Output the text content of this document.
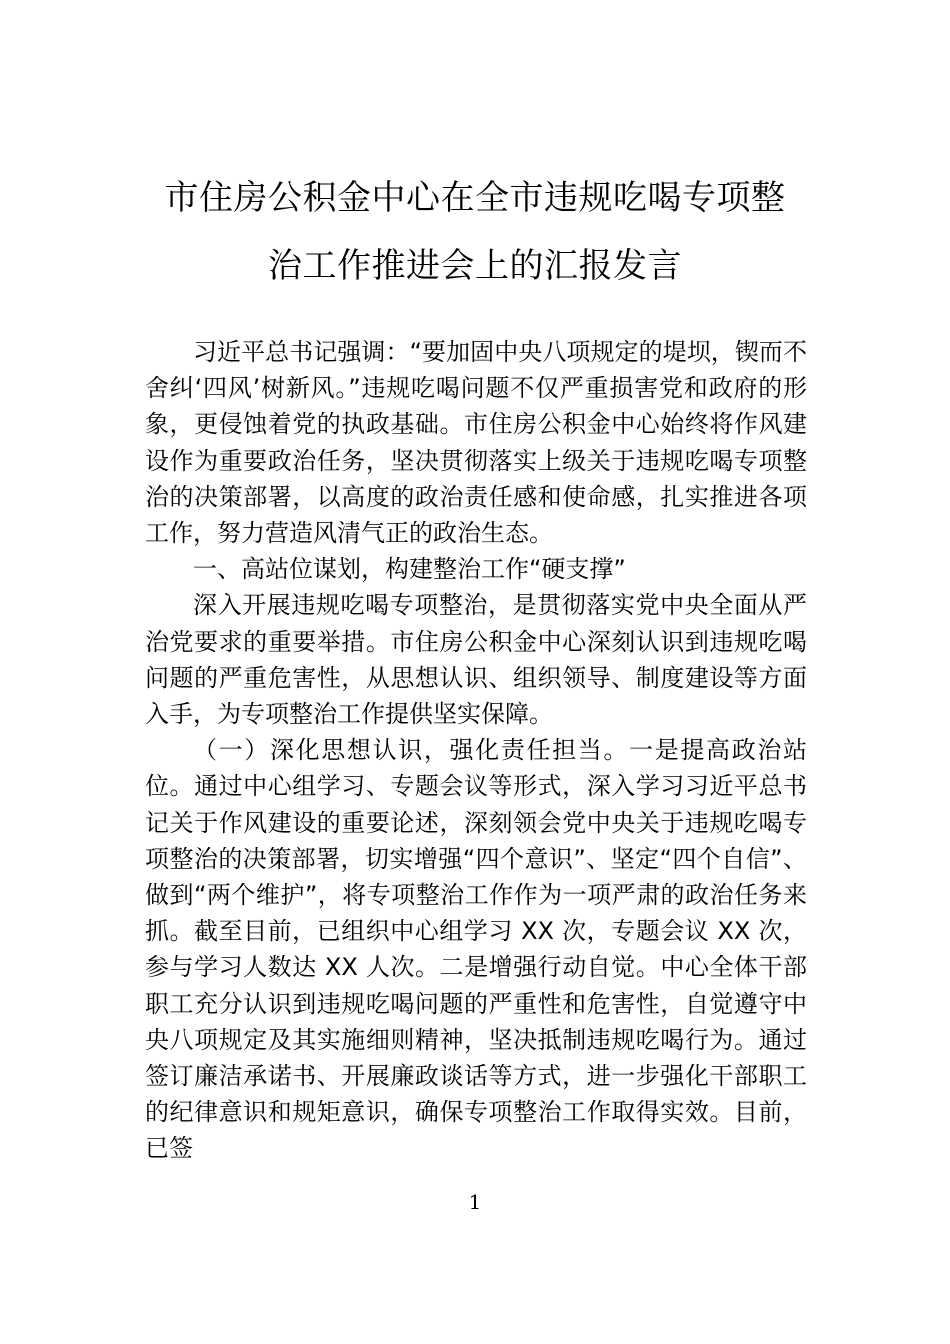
市住房公积金中心在全市违规吃喝专项整
治工作推进会上的汇报发言

习近平总书记强调：“要加固中央八项规定的堤坝，锲而不舍纠‘四风’树新风。”违规吃喝问题不仅严重损害党和政府的形象，更侵蚀着党的执政基础。市住房公积金中心始终将作风建设作为重要政治任务，坚决贯彻落实上级关于违规吃喝专项整治的决策部署，以高度的政治责任感和使命感，扎实推进各项工作，努力营造风清气正的政治生态。

一、高站位谋划，构建整治工作“硬支撑”

深入开展违规吃喝专项整治，是贯彻落实党中央全面从严治党要求的重要举措。市住房公积金中心深刻认识到违规吃喝问题的严重危害性，从思想认识、组织领导、制度建设等方面入手，为专项整治工作提供坚实保障。

（一）深化思想认识，强化责任担当。一是提高政治站位。通过中心组学习、专题会议等形式，深入学习习近平总书记关于作风建设的重要论述，深刻领会党中央关于违规吃喝专项整治的决策部署，切实增强“四个意识”、坚定“四个自信”、做到“两个维护”，将专项整治工作作为一项严肃的政治任务来抓。截至目前，已组织中心组学习 XX 次，专题会议 XX 次，参与学习人数达 XX 人次。二是增强行动自觉。中心全体干部职工充分认识到违规吃喝问题的严重性和危害性，自觉遵守中央八项规定及其实施细则精神，坚决抵制违规吃喝行为。通过签订廉洁承诺书、开展廉政谈话等方式，进一步强化干部职工的纪律意识和规矩意识，确保专项整治工作取得实效。目前，已签

1
